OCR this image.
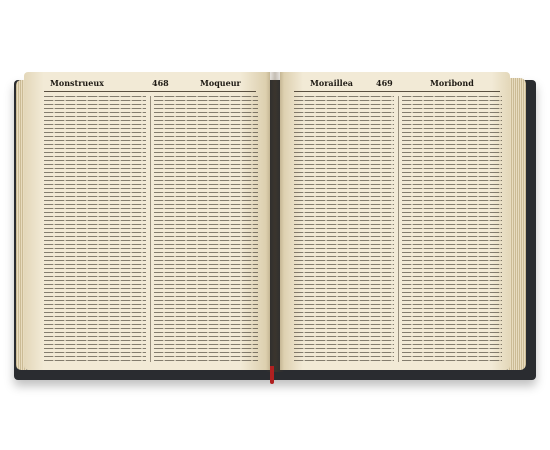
Monstrueux	468	Moqueur	Moraillea	469	Moribond
